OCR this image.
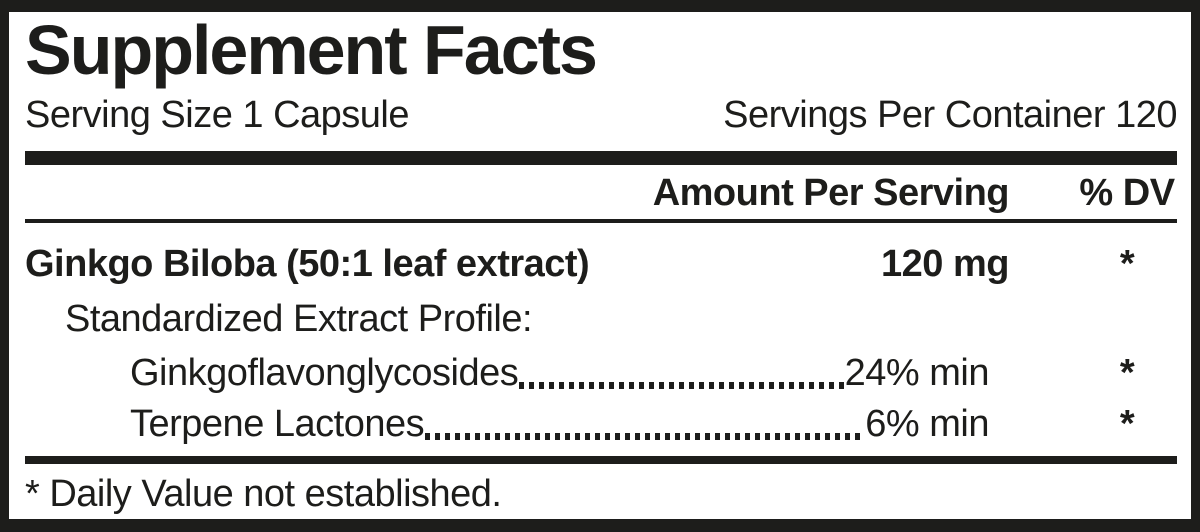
Supplement Facts
Serving Size 1 Capsule	Servings Per Container 120
Amount Per Serving % DV
Ginkgo Biloba (50:1 leaf extract)	120 mg	*
Standardized Extract Profile:
Ginkgoflavonglycosides	24% min	*
Terpene Lactones	6% min	*
* Daily Value not established.
